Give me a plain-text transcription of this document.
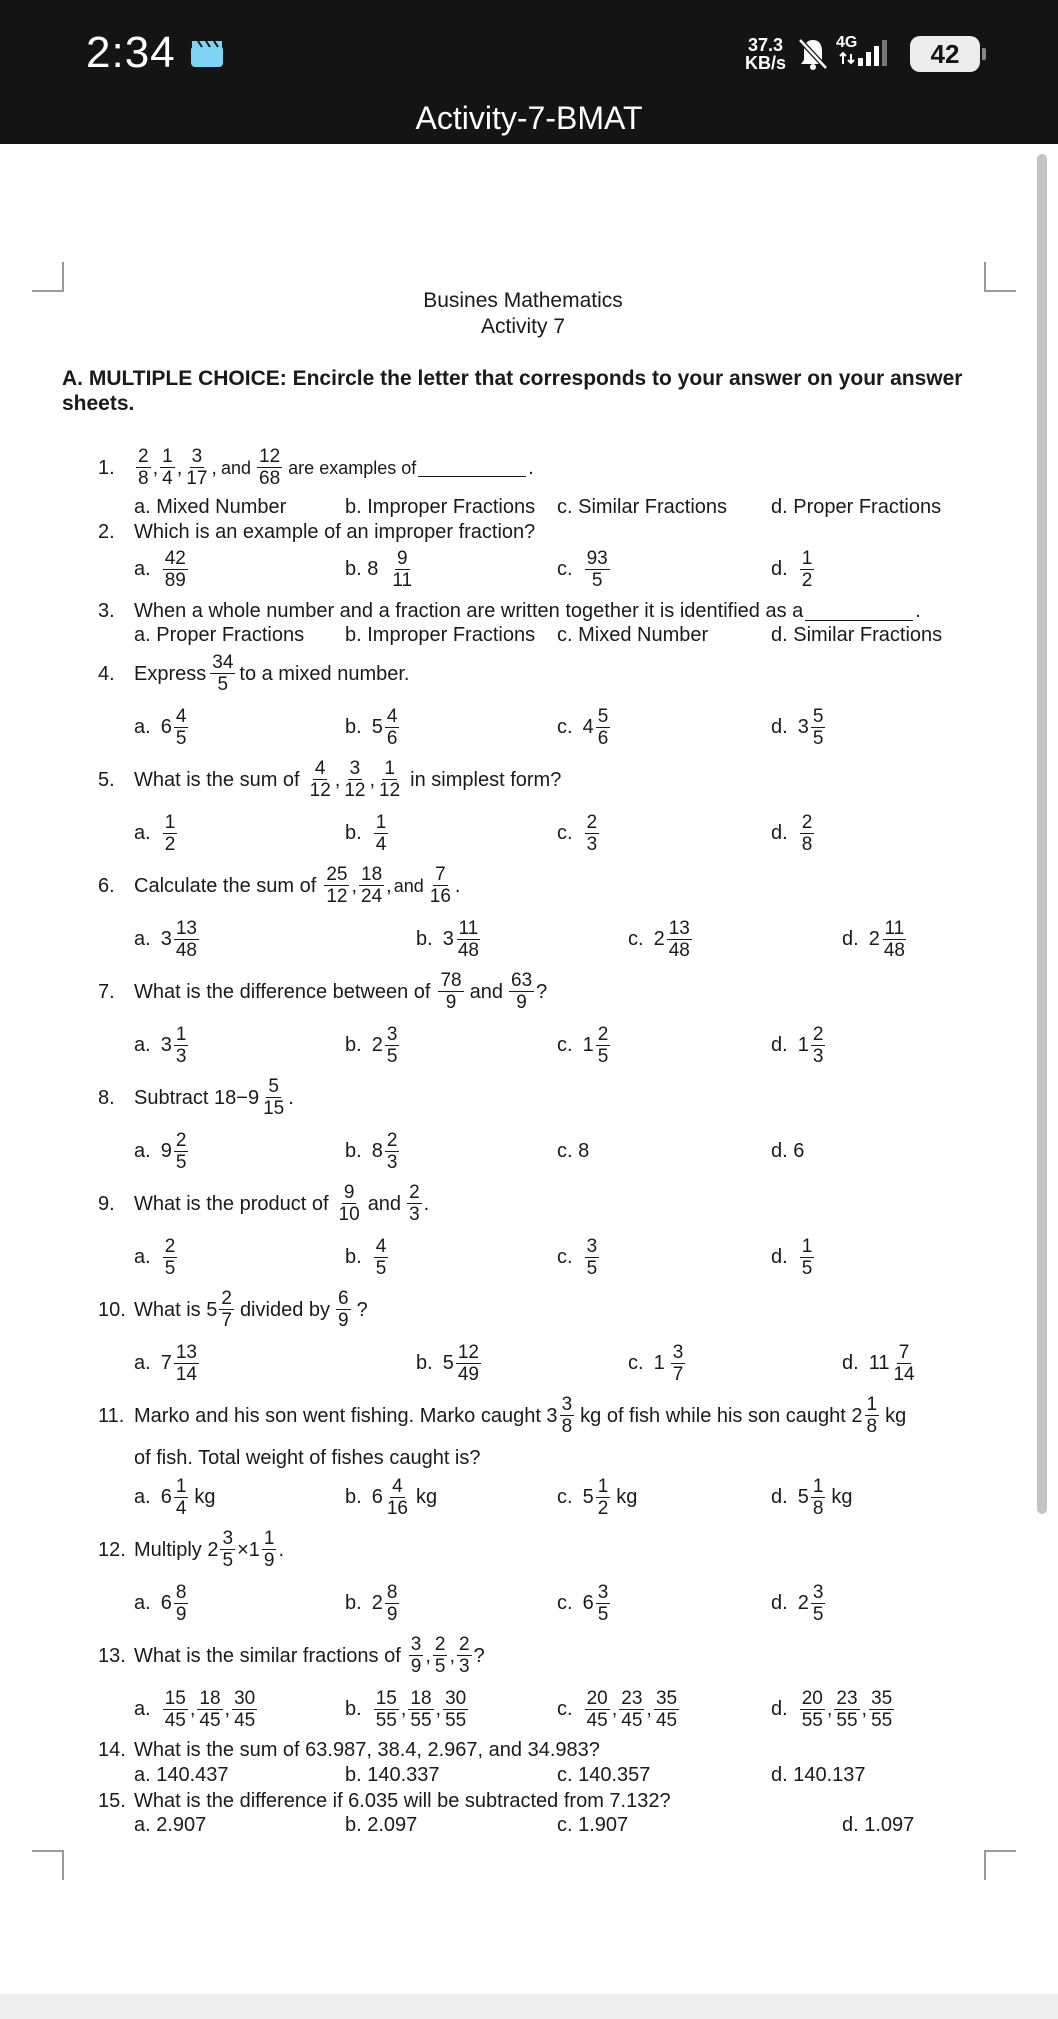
2:34	37.3
KB/s
4G	42
Activity-7-BMAT
Busines Mathematics
Activity 7
A. MULTIPLE CHOICE: Encircle the letter that corresponds to your answer on your answer sheets.
1.	$\frac{2}{8}$ , $\frac{1}{4}$ , $\frac{3}{17}$ , and $\frac{12}{68}$ are examples of	.
a. Mixed Number	b. Improper Fractions c. Similar Fractions d. Proper Fractions
2. Which is an example of an improper fraction?
a. $\frac{42}{89}$	b. $8 \frac{9}{11}$	c. $\frac{93}{5}$	d. $\frac{1}{2}$
3. When a whole number and a fraction are written together it is identified as a	.
a. Proper Fractions b. Improper Fractions c. Mixed Number	d. Similar Fractions
4. Express $\frac{34}{5}$ to a mixed number.
a. $6 \frac{4}{5}$	b. $5 \frac{4}{6}$	c. $4 \frac{5}{6}$	d. $3 \frac{5}{5}$
5. What is the sum of $\frac{4}{12}$ , $\frac{3}{12}$ , $\frac{1}{12}$ in simplest form?
a. $\frac{1}{2}$	b. $\frac{1}{4}$	c. $\frac{2}{3}$	d. $\frac{2}{8}$
6. Calculate the sum of $\frac{25}{12}$ , $\frac{18}{24}$ , and $\frac{7}{16}$ .
a. $3 \frac{13}{48}$	b. $3 \frac{11}{48}$	c. $2 \frac{13}{48}$	d. $2 \frac{11}{48}$
7. What is the difference between of $\frac{78}{9}$ and $\frac{63}{9}$ ?
a. $3 \frac{1}{3}$	b. $2 \frac{3}{5}$	c. $1 \frac{2}{5}$	d. $1 \frac{2}{3}$
8. Subtract $18-9 \frac{5}{15}$ .
a. $9 \frac{2}{5}$	b. $8 \frac{2}{3}$	c. 8	d. 6
9. What is the product of $\frac{9}{10}$ and $\frac{2}{3}$ .
a. $\frac{2}{5}$	b. $\frac{4}{5}$	c. $\frac{3}{5}$	d. $\frac{1}{5}$
10. What is $5 \frac{2}{7}$ divided by $\frac{6}{9}$ ?
a. $7 \frac{13}{14}$	b. $5 \frac{12}{49}$	c. $1 \frac{3}{7}$	d. $11 \frac{7}{14}$
11. Marko and his son went fishing. Marko caught $3 \frac{3}{8}$ kg of fish while his son caught $2 \frac{1}{8}$ kg
of fish. Total weight of fishes caught is?
a. $6 \frac{1}{4}$ kg	b. $6 \frac{4}{16}$ kg	c. $5 \frac{1}{2}$ kg	d. $5 \frac{1}{8}$ kg
12. Multiply $2 \frac{3}{5} \times 1 \frac{1}{9}$ .
a. $6 \frac{8}{9}$	b. $2 \frac{8}{9}$	c. $6 \frac{3}{5}$	d. $2 \frac{3}{5}$
13. What is the similar fractions of $\frac{3}{9}$ , $\frac{2}{5}$ , $\frac{2}{3}$ ?
a. $\frac{15}{45}$ , $\frac{18}{45}$ , $\frac{30}{45}$	b. $\frac{15}{55}$ , $\frac{18}{55}$ , $\frac{30}{55}$	c. $\frac{20}{45}$ , $\frac{23}{45}$ , $\frac{35}{45}$	d. $\frac{20}{55}$ , $\frac{23}{55}$ , $\frac{35}{55}$
14. What is the sum of 63.987, 38.4, 2.967, and 34.983?
a. 140.437	b. 140.337	c. 140.357	d. 140.137
15. What is the difference if 6.035 will be subtracted from 7.132?
a. 2.907	b. 2.097	c. 1.907	d. 1.097
